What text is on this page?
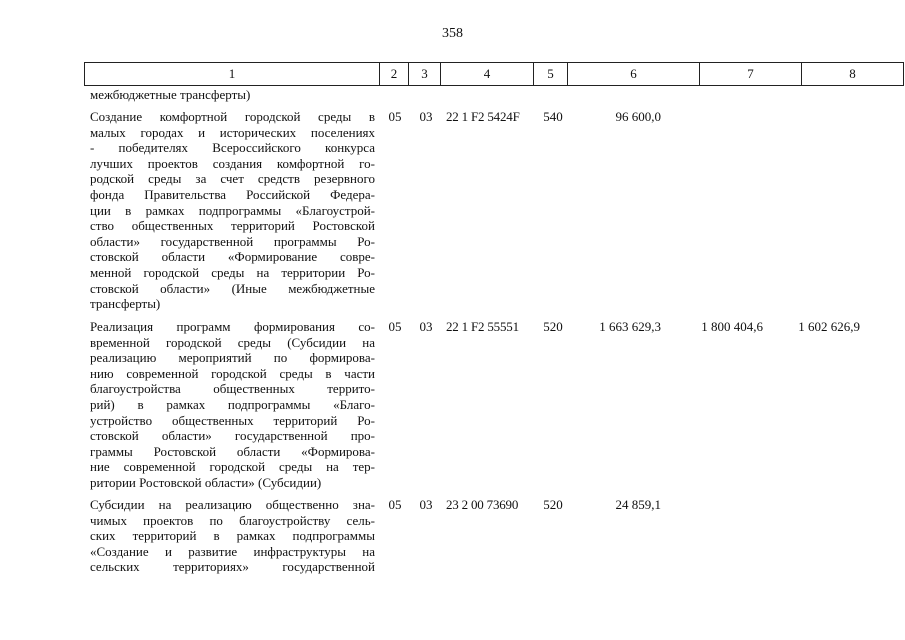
358
1	2	3	4	5	6	7	8
межбюджетные трансферты)
Создание комфортной городской среды в
малых городах и исторических поселениях
- победителях Всероссийского конкурса
лучших проектов создания комфортной го-
родской среды за счет средств резервного
фонда Правительства Российской Федера-
ции в рамках подпрограммы «Благоустрой-
ство общественных территорий Ростовской
области» государственной программы Ро-
стовской области «Формирование совре-
менной городской среды на территории Ро-
стовской области» (Иные межбюджетные
трансферты)
05	03	22 1 F2 5424F	540	96 600,0
Реализация программ формирования со-
временной городской среды (Субсидии на
реализацию мероприятий по формирова-
нию современной городской среды в части
благоустройства общественных террито-
рий) в рамках подпрограммы «Благо-
устройство общественных территорий Ро-
стовской области» государственной про-
граммы Ростовской области «Формирова-
ние современной городской среды на тер-
ритории Ростовской области» (Субсидии)
05	03	22 1 F2 55551	520	1 663 629,3	1 800 404,6	1 602 626,9
Субсидии на реализацию общественно зна-
чимых проектов по благоустройству сель-
ских территорий в рамках подпрограммы
«Создание и развитие инфраструктуры на
сельских территориях» государственной
05	03	23 2 00 73690	520	24 859,1
